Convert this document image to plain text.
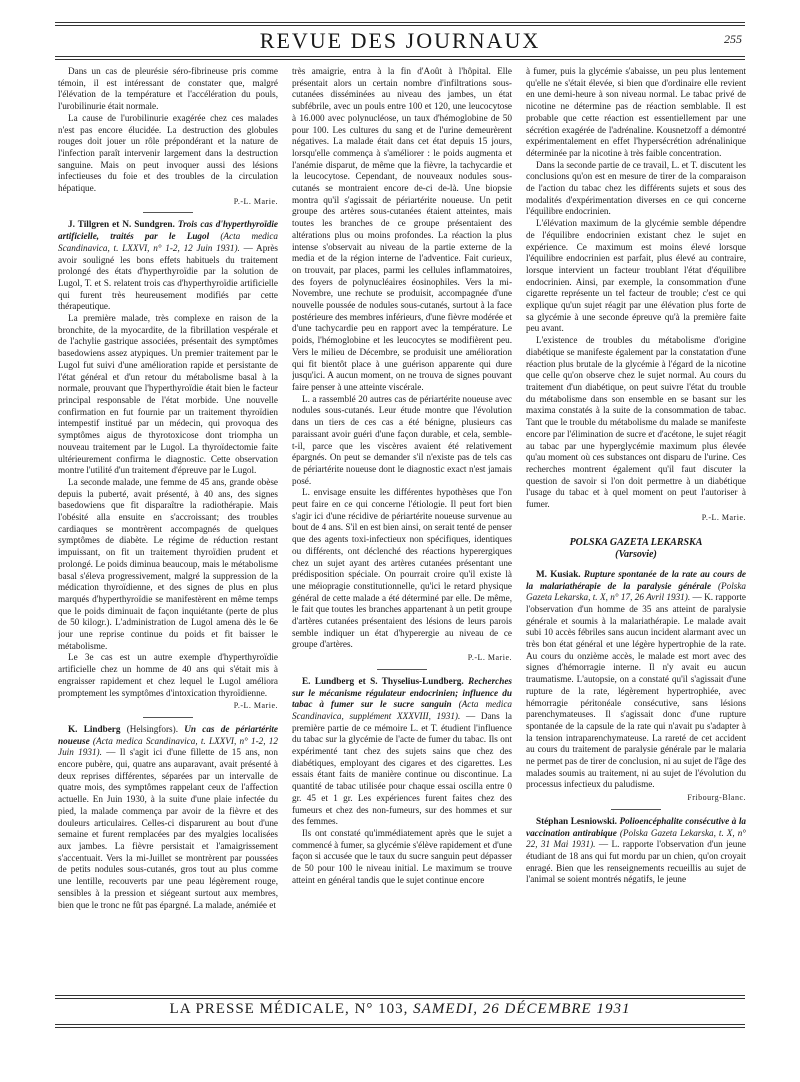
REVUE DES JOURNAUX	255

Dans un cas de pleurésie séro-fibrineuse pris comme témoin, il est intéressant de constater que, malgré l'élévation de la température et l'accélération du pouls, l'urobilinurie était normale.

La cause de l'urobilinurie exagérée chez ces malades n'est pas encore élucidée. La destruction des globules rouges doit jouer un rôle prépondérant et la nature de l'infection paraît intervenir largement dans la destruction sanguine. Mais on peut invoquer aussi des lésions infectieuses du foie et des troubles de la circulation hépatique.

P.-L. Marie.

J. Tillgren et N. Sundgren. Trois cas d'hyperthyroïdie artificielle, traités par le Lugol (Acta medica Scandinavica, t. LXXVI, n° 1-2, 12 Juin 1931). — Après avoir souligné les bons effets habituels du traitement prolongé des états d'hyperthyroïdie par la solution de Lugol, T. et S. relatent trois cas d'hyperthyroïdie artificielle qui furent très heureusement modifiés par cette thérapeutique.

La première malade, très complexe en raison de la bronchite, de la myocardite, de la fibrillation vespérale et de l'achylie gastrique associées, présentait des symptômes basedowiens assez atypiques. Un premier traitement par le Lugol fut suivi d'une amélioration rapide et persistante de l'état général et d'un retour du métabolisme basal à la normale, prouvant que l'hyperthyroïdie était bien le facteur principal responsable de l'état morbide. Une nouvelle confirmation en fut fournie par un traitement thyroïdien intempestif institué par un médecin, qui provoqua des symptômes aigus de thyrotoxicose dont triompha un nouveau traitement par le Lugol. La thyroïdectomie faite ultérieurement confirma le diagnostic. Cette observation montre l'utilité d'un traitement d'épreuve par le Lugol.

La seconde malade, une femme de 45 ans, grande obèse depuis la puberté, avait présenté, à 40 ans, des signes basedowiens que fit disparaître la radiothérapie. Mais l'obésité alla ensuite en s'accroissant; des troubles cardiaques se montrèrent accompagnés de quelques symptômes de diabète. Le régime de réduction restant impuissant, on fit un traitement thyroïdien prudent et prolongé. Le poids diminua beaucoup, mais le métabolisme basal s'éleva progressivement, malgré la suppression de la médication thyroïdienne, et des signes de plus en plus marqués d'hyperthyroïdie se manifestèrent en même temps que le poids diminuait de façon inquiétante (perte de plus de 50 kilogr.). L'administration de Lugol amena dès le 6e jour une reprise continue du poids et fit baisser le métabolisme.

Le 3e cas est un autre exemple d'hyperthyroïdie artificielle chez un homme de 40 ans qui s'était mis à engraisser rapidement et chez lequel le Lugol améliora promptement les symptômes d'intoxication thyroïdienne.

P.-L. Marie.

K. Lindberg (Helsingfors). Un cas de périartérite noueuse (Acta medica Scandinavica, t. LXXVI, n° 1-2, 12 Juin 1931). — Il s'agit ici d'une fillette de 15 ans, non encore pubère, qui, quatre ans auparavant, avait présenté à deux reprises différentes, séparées par un intervalle de quatre mois, des symptômes rappelant ceux de l'affection actuelle. En Juin 1930, à la suite d'une plaie infectée du pied, la malade commença par avoir de la fièvre et des douleurs articulaires. Celles-ci disparurent au bout d'une semaine et furent remplacées par des myalgies localisées aux jambes. La fièvre persistait et l'amaigrissement s'accentuait. Vers la mi-Juillet se montrèrent par poussées de petits nodules sous-cutanés, gros tout au plus comme une lentille, recouverts par une peau légèrement rouge, sensibles à la pression et siégeant surtout aux membres, bien que le tronc ne fût pas épargné. La malade, anémiée et

très amaigrie, entra à la fin d'Août à l'hôpital. Elle présentait alors un certain nombre d'infiltrations sous-cutanées disséminées au niveau des jambes, un état subfébrile, avec un pouls entre 100 et 120, une leucocytose à 16.000 avec polynucléose, un taux d'hémoglobine de 50 pour 100. Les cultures du sang et de l'urine demeurèrent négatives. La malade était dans cet état depuis 15 jours, lorsqu'elle commença à s'améliorer : le poids augmenta et l'anémie disparut, de même que la fièvre, la tachycardie et la leucocytose. Cependant, de nouveaux nodules sous-cutanés se montraient encore de-ci de-là. Une biopsie montra qu'il s'agissait de périartérite noueuse. Un petit groupe des artères sous-cutanées étaient atteintes, mais toutes les branches de ce groupe présentaient des altérations plus ou moins profondes. La réaction la plus intense s'observait au niveau de la partie externe de la media et de la région interne de l'adventice. Fait curieux, on trouvait, par places, parmi les cellules inflammatoires, des foyers de polynucléaires éosinophiles. Vers la mi-Novembre, une rechute se produisit, accompagnée d'une nouvelle poussée de nodules sous-cutanés, surtout à la face postérieure des membres inférieurs, d'une fièvre modérée et d'une tachycardie peu en rapport avec la température. Le poids, l'hémoglobine et les leucocytes se modifièrent peu. Vers le milieu de Décembre, se produisit une amélioration qui fit bientôt place à une guérison apparente qui dure jusqu'ici. A aucun moment, on ne trouva de signes pouvant faire penser à une atteinte viscérale.

L. a rassemblé 20 autres cas de périartérite noueuse avec nodules sous-cutanés. Leur étude montre que l'évolution dans un tiers de ces cas a été bénigne, plusieurs cas paraissant avoir guéri d'une façon durable, et cela, semble-t-il, parce que les viscères avaient été relativement épargnés. On peut se demander s'il n'existe pas de tels cas de périartérite noueuse dont le diagnostic exact n'est jamais posé.

L. envisage ensuite les différentes hypothèses que l'on peut faire en ce qui concerne l'étiologie. Il peut fort bien s'agir ici d'une récidive de périartérite noueuse survenue au bout de 4 ans. S'il en est bien ainsi, on serait tenté de penser que des agents toxi-infectieux non spécifiques, identiques ou différents, ont déclenché des réactions hyperergiques chez un sujet ayant des artères cutanées présentant une prédisposition spéciale. On pourrait croire qu'il existe là une méiopragie constitutionnelle, qu'ici le retard physique général de cette malade a été déterminé par elle. De même, le fait que toutes les branches appartenant à un petit groupe d'artères cutanées présentaient des lésions de leurs parois semble indiquer un état d'hyperergie au niveau de ce groupe d'artères.

P.-L. Marie.

E. Lundberg et S. Thyselius-Lundberg. Recherches sur le mécanisme régulateur endocrinien; influence du tabac à fumer sur le sucre sanguin (Acta medica Scandinavica, supplément XXXVIII, 1931). — Dans la première partie de ce mémoire L. et T. étudient l'influence du tabac sur la glycémie de l'acte de fumer du tabac. Ils ont expérimenté tant chez des sujets sains que chez des diabétiques, employant des cigares et des cigarettes. Les essais étant faits de manière continue ou discontinue. La quantité de tabac utilisée pour chaque essai oscilla entre 0 gr. 45 et 1 gr. Les expériences furent faites chez des fumeurs et chez des non-fumeurs, sur des hommes et sur des femmes.

Ils ont constaté qu'immédiatement après que le sujet a commencé à fumer, sa glycémie s'élève rapidement et d'une façon si accusée que le taux du sucre sanguin peut dépasser de 50 pour 100 le niveau initial. Le maximum se trouve atteint en général tandis que le sujet continue encore

à fumer, puis la glycémie s'abaisse, un peu plus lentement qu'elle ne s'était élevée, si bien que d'ordinaire elle revient en une demi-heure à son niveau normal. Le tabac privé de nicotine ne détermine pas de réaction semblable. Il est probable que cette réaction est essentiellement par une sécrétion exagérée de l'adrénaline. Kousnetzoff a démontré expérimentalement en effet l'hypersécrétion adrénalinique déterminée par la nicotine à très faible concentration.

Dans la seconde partie de ce travail, L. et T. discutent les conclusions qu'on est en mesure de tirer de la comparaison de l'action du tabac chez les différents sujets et sous des modalités d'expérimentation diverses en ce qui concerne l'équilibre endocrinien.

L'élévation maximum de la glycémie semble dépendre de l'équilibre endocrinien existant chez le sujet en expérience. Ce maximum est moins élevé lorsque l'équilibre endocrinien est parfait, plus élevé au contraire, lorsque intervient un facteur troublant l'état d'équilibre endocrinien. Ainsi, par exemple, la consommation d'une cigarette représente un tel facteur de trouble; c'est ce qui explique qu'un sujet réagit par une élévation plus forte de sa glycémie à une seconde épreuve qu'à la première faite peu avant.

L'existence de troubles du métabolisme d'origine diabétique se manifeste également par la constatation d'une réaction plus brutale de la glycémie à l'égard de la nicotine que celle qu'on observe chez le sujet normal. Au cours du traitement d'un diabétique, on peut suivre l'état du trouble du métabolisme dans son ensemble en se basant sur les maxima constatés à la suite de la consommation de tabac. Tant que le trouble du métabolisme du malade se manifeste encore par l'élimination de sucre et d'acétone, le sujet réagit au tabac par une hyperglycémie maximum plus élevée qu'au moment où ces substances ont disparu de l'urine. Ces recherches montrent également qu'il faut discuter la question de savoir si l'on doit permettre à un diabétique l'usage du tabac et à quel moment on peut l'autoriser à fumer.

P.-L. Marie.
POLSKA GAZETA LEKARSKA
(Varsovie)

M. Kusiak. Rupture spontanée de la rate au cours de la malariathérapie de la paralysie générale (Polska Gazeta Lekarska, t. X, n° 17, 26 Avril 1931). — K. rapporte l'observation d'un homme de 35 ans atteint de paralysie générale et soumis à la malariathérapie. Le malade avait subi 10 accès fébriles sans aucun incident alarmant avec un très bon état général et une légère hypertrophie de la rate. Au cours du onzième accès, le malade est mort avec des signes d'hémorragie interne. Il n'y avait eu aucun traumatisme. L'autopsie, on a constaté qu'il s'agissait d'une rupture de la rate, légèrement hypertrophiée, avec hémorragie péritonéale consécutive, sans lésions parenchymateuses. Il s'agissait donc d'une rupture spontanée de la capsule de la rate qui n'avait pu s'adapter à la tension intraparenchymateuse. La rareté de cet accident au cours du traitement de paralysie générale par le malaria ne permet pas de tirer de conclusion, ni au sujet de l'âge des malades soumis au traitement, ni au sujet de l'évolution du processus infectieux du paludisme.

Fribourg-Blanc.

Stéphan Lesniowski. Polioencéphalite consécutive à la vaccination antirabique (Polska Gazeta Lekarska, t. X, n° 22, 31 Mai 1931). — L. rapporte l'observation d'un jeune étudiant de 18 ans qui fut mordu par un chien, qu'on croyait enragé. Bien que les renseignements recueillis au sujet de l'animal se soient montrés négatifs, le jeune

LA PRESSE MÉDICALE, N° 103, SAMEDI, 26 DÉCEMBRE 1931
